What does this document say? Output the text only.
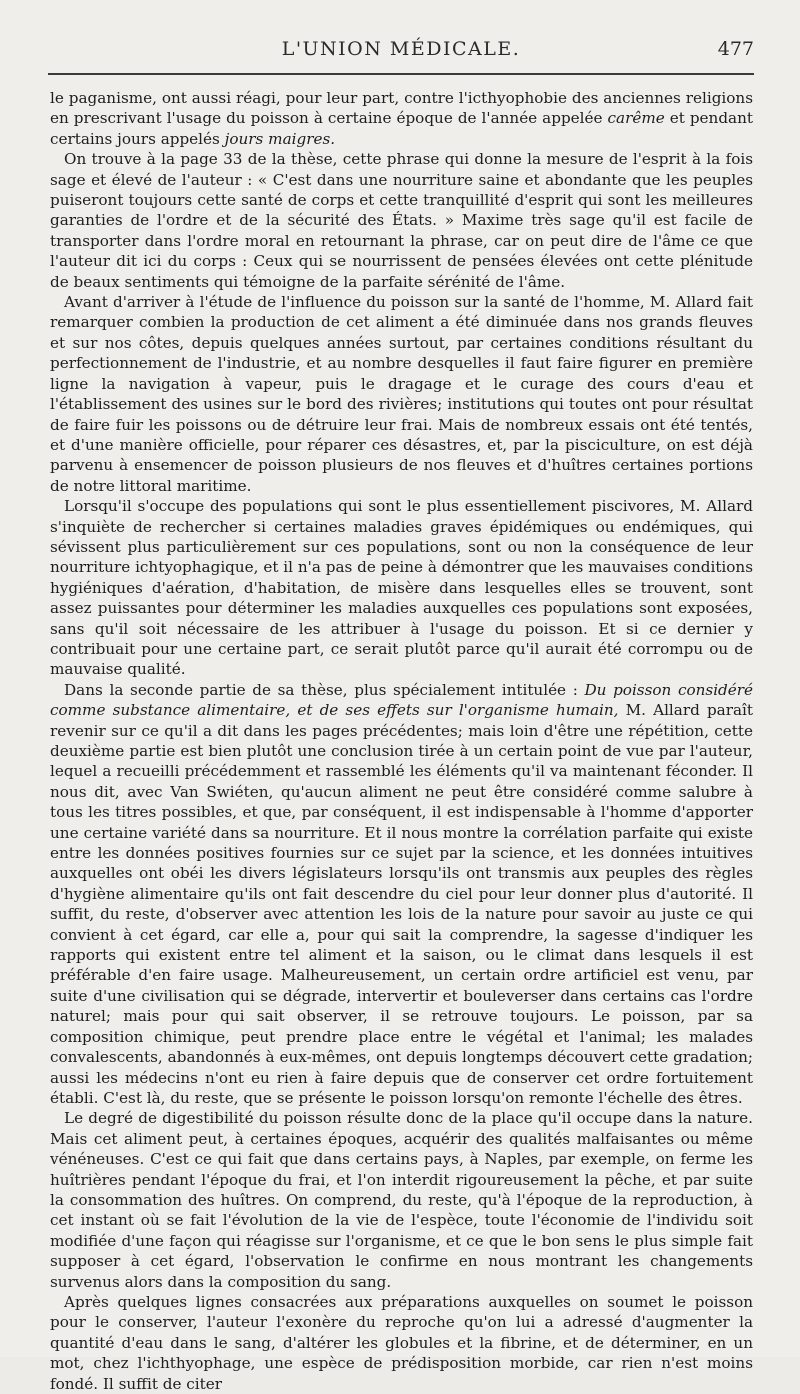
L'UNION MÉDICALE.	477

le paganisme, ont aussi réagi, pour leur part, contre l'icthyophobie des anciennes religions en prescrivant l'usage du poisson à certaine époque de l'année appelée carême et pendant certains jours appelés jours maigres.

On trouve à la page 33 de la thèse, cette phrase qui donne la mesure de l'esprit à la fois sage et élevé de l'auteur : « C'est dans une nourriture saine et abondante que les peuples puiseront toujours cette santé de corps et cette tranquillité d'esprit qui sont les meilleures garanties de l'ordre et de la sécurité des États. » Maxime très sage qu'il est facile de transporter dans l'ordre moral en retournant la phrase, car on peut dire de l'âme ce que l'auteur dit ici du corps : Ceux qui se nourrissent de pensées élevées ont cette plénitude de beaux sentiments qui témoigne de la parfaite sérénité de l'âme.

Avant d'arriver à l'étude de l'influence du poisson sur la santé de l'homme, M. Allard fait remarquer combien la production de cet aliment a été diminuée dans nos grands fleuves et sur nos côtes, depuis quelques années surtout, par certaines conditions résultant du perfectionnement de l'industrie, et au nombre desquelles il faut faire figurer en première ligne la navigation à vapeur, puis le dragage et le curage des cours d'eau et l'établissement des usines sur le bord des rivières; institutions qui toutes ont pour résultat de faire fuir les poissons ou de détruire leur frai. Mais de nombreux essais ont été tentés, et d'une manière officielle, pour réparer ces désastres, et, par la pisciculture, on est déjà parvenu à ensemencer de poisson plusieurs de nos fleuves et d'huîtres certaines portions de notre littoral maritime.

Lorsqu'il s'occupe des populations qui sont le plus essentiellement piscivores, M. Allard s'inquiète de rechercher si certaines maladies graves épidémiques ou endémiques, qui sévissent plus particulièrement sur ces populations, sont ou non la conséquence de leur nourriture ichtyophagique, et il n'a pas de peine à démontrer que les mauvaises conditions hygiéniques d'aération, d'habitation, de misère dans lesquelles elles se trouvent, sont assez puissantes pour déterminer les maladies auxquelles ces populations sont exposées, sans qu'il soit nécessaire de les attribuer à l'usage du poisson. Et si ce dernier y contribuait pour une certaine part, ce serait plutôt parce qu'il aurait été corrompu ou de mauvaise qualité.

Dans la seconde partie de sa thèse, plus spécialement intitulée : Du poisson considéré comme substance alimentaire, et de ses effets sur l'organisme humain, M. Allard paraît revenir sur ce qu'il a dit dans les pages précédentes; mais loin d'être une répétition, cette deuxième partie est bien plutôt une conclusion tirée à un certain point de vue par l'auteur, lequel a recueilli précédemment et rassemblé les éléments qu'il va maintenant féconder. Il nous dit, avec Van Swiéten, qu'aucun aliment ne peut être considéré comme salubre à tous les titres possibles, et que, par conséquent, il est indispensable à l'homme d'apporter une certaine variété dans sa nourriture. Et il nous montre la corrélation parfaite qui existe entre les données positives fournies sur ce sujet par la science, et les données intuitives auxquelles ont obéi les divers législateurs lorsqu'ils ont transmis aux peuples des règles d'hygiène alimentaire qu'ils ont fait descendre du ciel pour leur donner plus d'autorité. Il suffit, du reste, d'observer avec attention les lois de la nature pour savoir au juste ce qui convient à cet égard, car elle a, pour qui sait la comprendre, la sagesse d'indiquer les rapports qui existent entre tel aliment et la saison, ou le climat dans lesquels il est préférable d'en faire usage. Malheureusement, un certain ordre artificiel est venu, par suite d'une civilisation qui se dégrade, intervertir et bouleverser dans certains cas l'ordre naturel; mais pour qui sait observer, il se retrouve toujours. Le poisson, par sa composition chimique, peut prendre place entre le végétal et l'animal; les malades convalescents, abandonnés à eux-mêmes, ont depuis longtemps découvert cette gradation; aussi les médecins n'ont eu rien à faire depuis que de conserver cet ordre fortuitement établi. C'est là, du reste, que se présente le poisson lorsqu'on remonte l'échelle des êtres.

Le degré de digestibilité du poisson résulte donc de la place qu'il occupe dans la nature. Mais cet aliment peut, à certaines époques, acquérir des qualités malfaisantes ou même vénéneuses. C'est ce qui fait que dans certains pays, à Naples, par exemple, on ferme les huîtrières pendant l'époque du frai, et l'on interdit rigoureusement la pêche, et par suite la consommation des huîtres. On comprend, du reste, qu'à l'époque de la reproduction, à cet instant où se fait l'évolution de la vie de l'espèce, toute l'économie de l'individu soit modifiée d'une façon qui réagisse sur l'organisme, et ce que le bon sens le plus simple fait supposer à cet égard, l'observation le confirme en nous montrant les changements survenus alors dans la composition du sang.

Après quelques lignes consacrées aux préparations auxquelles on soumet le poisson pour le conserver, l'auteur l'exonère du reproche qu'on lui a adressé d'augmenter la quantité d'eau dans le sang, d'altérer les globules et la fibrine, et de déterminer, en un mot, chez l'ichthyophage, une espèce de prédisposition morbide, car rien n'est moins fondé. Il suffit de citer
